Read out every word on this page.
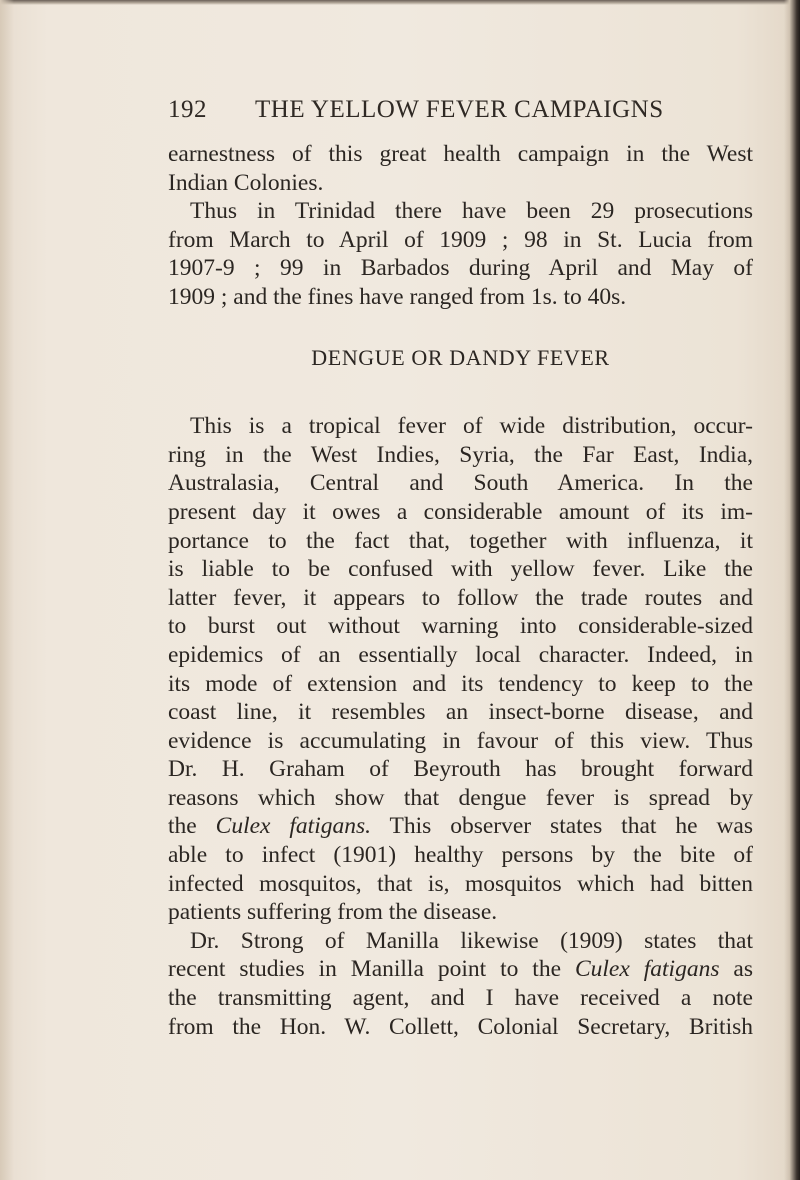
192 THE YELLOW FEVER CAMPAIGNS
earnestness of this great health campaign in the West
Indian Colonies.
Thus in Trinidad there have been 29 prosecutions
from March to April of 1909 ; 98 in St. Lucia from
1907-9 ; 99 in Barbados during April and May of
1909 ; and the fines have ranged from 1s. to 40s.
DENGUE OR DANDY FEVER
This is a tropical fever of wide distribution, occur-
ring in the West Indies, Syria, the Far East, India,
Australasia, Central and South America. In the
present day it owes a considerable amount of its im-
portance to the fact that, together with influenza, it
is liable to be confused with yellow fever. Like the
latter fever, it appears to follow the trade routes and
to burst out without warning into considerable-sized
epidemics of an essentially local character. Indeed, in
its mode of extension and its tendency to keep to the
coast line, it resembles an insect-borne disease, and
evidence is accumulating in favour of this view. Thus
Dr. H. Graham of Beyrouth has brought forward
reasons which show that dengue fever is spread by
the Culex fatigans. This observer states that he was
able to infect (1901) healthy persons by the bite of
infected mosquitos, that is, mosquitos which had bitten
patients suffering from the disease.
Dr. Strong of Manilla likewise (1909) states that
recent studies in Manilla point to the Culex fatigans as
the transmitting agent, and I have received a note
from the Hon. W. Collett, Colonial Secretary, British
